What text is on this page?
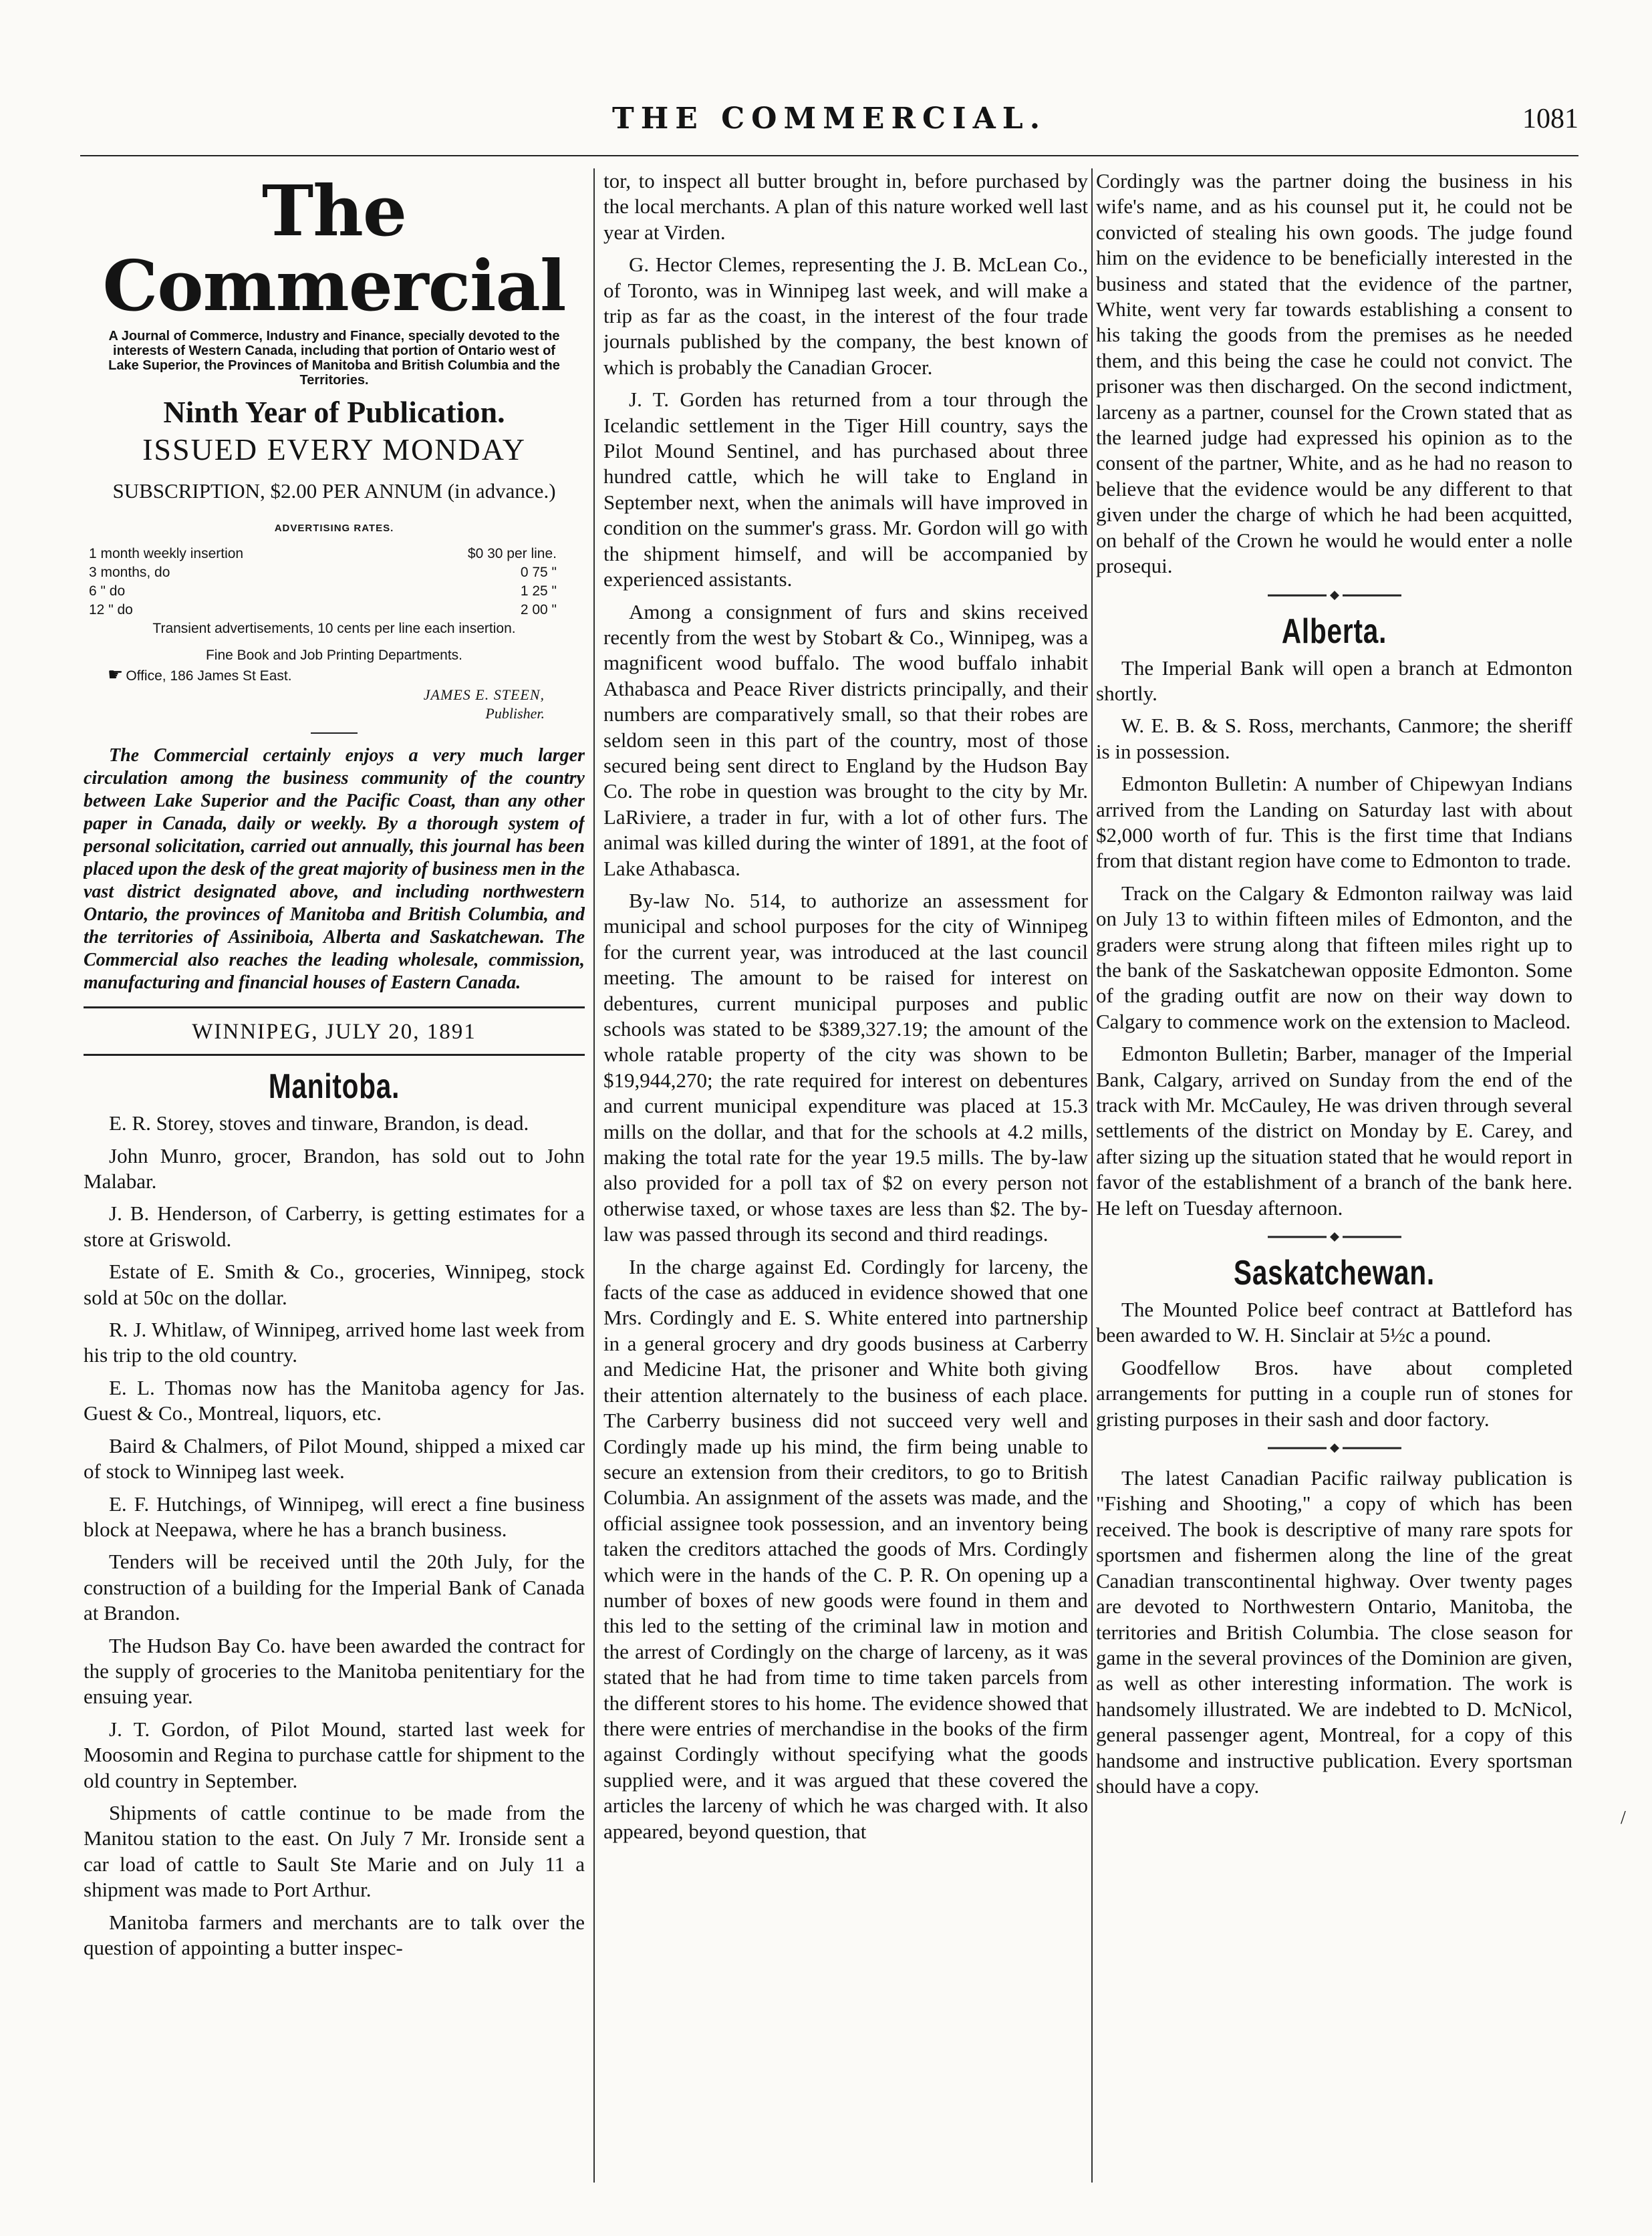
THE COMMERCIAL.	1081
The Commercial
A Journal of Commerce, Industry and Finance, specially devoted to the interests of Western Canada, including that portion of Ontario west of Lake Superior, the Provinces of Manitoba and British Columbia and the Territories.
Ninth Year of Publication.
ISSUED EVERY MONDAY
SUBSCRIPTION, $2.00 PER ANNUM (in advance.)
ADVERTISING RATES.
1 month weekly insertion	$0 30 per line.
3 months, do	0 75 "
6 " do	1 25 "
12 " do	2 00 "
Transient advertisements, 10 cents per line each insertion.
Fine Book and Job Printing Departments.
☛ Office, 186 James St East.
JAMES E. STEEN,
Publisher.
The Commercial certainly enjoys a very much larger circulation among the business community of the country between Lake Superior and the Pacific Coast, than any other paper in Canada, daily or weekly. By a thorough system of personal solicitation, carried out annually, this journal has been placed upon the desk of the great majority of business men in the vast district designated above, and including northwestern Ontario, the provinces of Manitoba and British Columbia, and the territories of Assiniboia, Alberta and Saskatchewan. The Commercial also reaches the leading wholesale, commission, manufacturing and financial houses of Eastern Canada.

WINNIPEG, JULY 20, 1891

Manitoba.

E. R. Storey, stoves and tinware, Brandon, is dead.

John Munro, grocer, Brandon, has sold out to John Malabar.

J. B. Henderson, of Carberry, is getting estimates for a store at Griswold.

Estate of E. Smith & Co., groceries, Winnipeg, stock sold at 50c on the dollar.

R. J. Whitlaw, of Winnipeg, arrived home last week from his trip to the old country.

E. L. Thomas now has the Manitoba agency for Jas. Guest & Co., Montreal, liquors, etc.

Baird & Chalmers, of Pilot Mound, shipped a mixed car of stock to Winnipeg last week.

E. F. Hutchings, of Winnipeg, will erect a fine business block at Neepawa, where he has a branch business.

Tenders will be received until the 20th July, for the construction of a building for the Imperial Bank of Canada at Brandon.

The Hudson Bay Co. have been awarded the contract for the supply of groceries to the Manitoba penitentiary for the ensuing year.

J. T. Gordon, of Pilot Mound, started last week for Moosomin and Regina to purchase cattle for shipment to the old country in September.

Shipments of cattle continue to be made from the Manitou station to the east. On July 7 Mr. Ironside sent a car load of cattle to Sault Ste Marie and on July 11 a shipment was made to Port Arthur.

Manitoba farmers and merchants are to talk over the question of appointing a butter inspec-

tor, to inspect all butter brought in, before purchased by the local merchants. A plan of this nature worked well last year at Virden.

G. Hector Clemes, representing the J. B. McLean Co., of Toronto, was in Winnipeg last week, and will make a trip as far as the coast, in the interest of the four trade journals published by the company, the best known of which is probably the Canadian Grocer.

J. T. Gorden has returned from a tour through the Icelandic settlement in the Tiger Hill country, says the Pilot Mound Sentinel, and has purchased about three hundred cattle, which he will take to England in September next, when the animals will have improved in condition on the summer's grass. Mr. Gordon will go with the shipment himself, and will be accompanied by experienced assistants.

Among a consignment of furs and skins received recently from the west by Stobart & Co., Winnipeg, was a magnificent wood buffalo. The wood buffalo inhabit Athabasca and Peace River districts principally, and their numbers are comparatively small, so that their robes are seldom seen in this part of the country, most of those secured being sent direct to England by the Hudson Bay Co. The robe in question was brought to the city by Mr. LaRiviere, a trader in fur, with a lot of other furs. The animal was killed during the winter of 1891, at the foot of Lake Athabasca.

By-law No. 514, to authorize an assessment for municipal and school purposes for the city of Winnipeg for the current year, was introduced at the last council meeting. The amount to be raised for interest on debentures, current municipal purposes and public schools was stated to be $389,327.19; the amount of the whole ratable property of the city was shown to be $19,944,270; the rate required for interest on debentures and current municipal expenditure was placed at 15.3 mills on the dollar, and that for the schools at 4.2 mills, making the total rate for the year 19.5 mills. The by-law also provided for a poll tax of $2 on every person not otherwise taxed, or whose taxes are less than $2. The by-law was passed through its second and third readings.

In the charge against Ed. Cordingly for larceny, the facts of the case as adduced in evidence showed that one Mrs. Cordingly and E. S. White entered into partnership in a general grocery and dry goods business at Carberry and Medicine Hat, the prisoner and White both giving their attention alternately to the business of each place. The Carberry business did not succeed very well and Cordingly made up his mind, the firm being unable to secure an extension from their creditors, to go to British Columbia. An assignment of the assets was made, and the official assignee took possession, and an inventory being taken the creditors attached the goods of Mrs. Cordingly which were in the hands of the C. P. R. On opening up a number of boxes of new goods were found in them and this led to the setting of the criminal law in motion and the arrest of Cordingly on the charge of larceny, as it was stated that he had from time to time taken parcels from the different stores to his home. The evidence showed that there were entries of merchandise in the books of the firm against Cordingly without specifying what the goods supplied were, and it was argued that these covered the articles the larceny of which he was charged with. It also appeared, beyond question, that

Cordingly was the partner doing the business in his wife's name, and as his counsel put it, he could not be convicted of stealing his own goods. The judge found him on the evidence to be beneficially interested in the business and stated that the evidence of the partner, White, went very far towards establishing a consent to his taking the goods from the premises as he needed them, and this being the case he could not convict. The prisoner was then discharged. On the second indictment, larceny as a partner, counsel for the Crown stated that as the learned judge had expressed his opinion as to the consent of the partner, White, and as he had no reason to believe that the evidence would be any different to that given under the charge of which he had been acquitted, on behalf of the Crown he would he would enter a nolle prosequi.

Alberta.

The Imperial Bank will open a branch at Edmonton shortly.

W. E. B. & S. Ross, merchants, Canmore; the sheriff is in possession.

Edmonton Bulletin: A number of Chipewyan Indians arrived from the Landing on Saturday last with about $2,000 worth of fur. This is the first time that Indians from that distant region have come to Edmonton to trade.

Track on the Calgary & Edmonton railway was laid on July 13 to within fifteen miles of Edmonton, and the graders were strung along that fifteen miles right up to the bank of the Saskatchewan opposite Edmonton. Some of the grading outfit are now on their way down to Calgary to commence work on the extension to Macleod.

Edmonton Bulletin; Barber, manager of the Imperial Bank, Calgary, arrived on Sunday from the end of the track with Mr. McCauley, He was driven through several settlements of the district on Monday by E. Carey, and after sizing up the situation stated that he would report in favor of the establishment of a branch of the bank here. He left on Tuesday afternoon.

Saskatchewan.

The Mounted Police beef contract at Battleford has been awarded to W. H. Sinclair at 5½c a pound.

Goodfellow Bros. have about completed arrangements for putting in a couple run of stones for gristing purposes in their sash and door factory.

The latest Canadian Pacific railway publication is "Fishing and Shooting," a copy of which has been received. The book is descriptive of many rare spots for sportsmen and fishermen along the line of the great Canadian transcontinental highway. Over twenty pages are devoted to Northwestern Ontario, Manitoba, the territories and British Columbia. The close season for game in the several provinces of the Dominion are given, as well as other interesting information. The work is handsomely illustrated. We are indebted to D. McNicol, general passenger agent, Montreal, for a copy of this handsome and instructive publication. Every sportsman should have a copy.

/
